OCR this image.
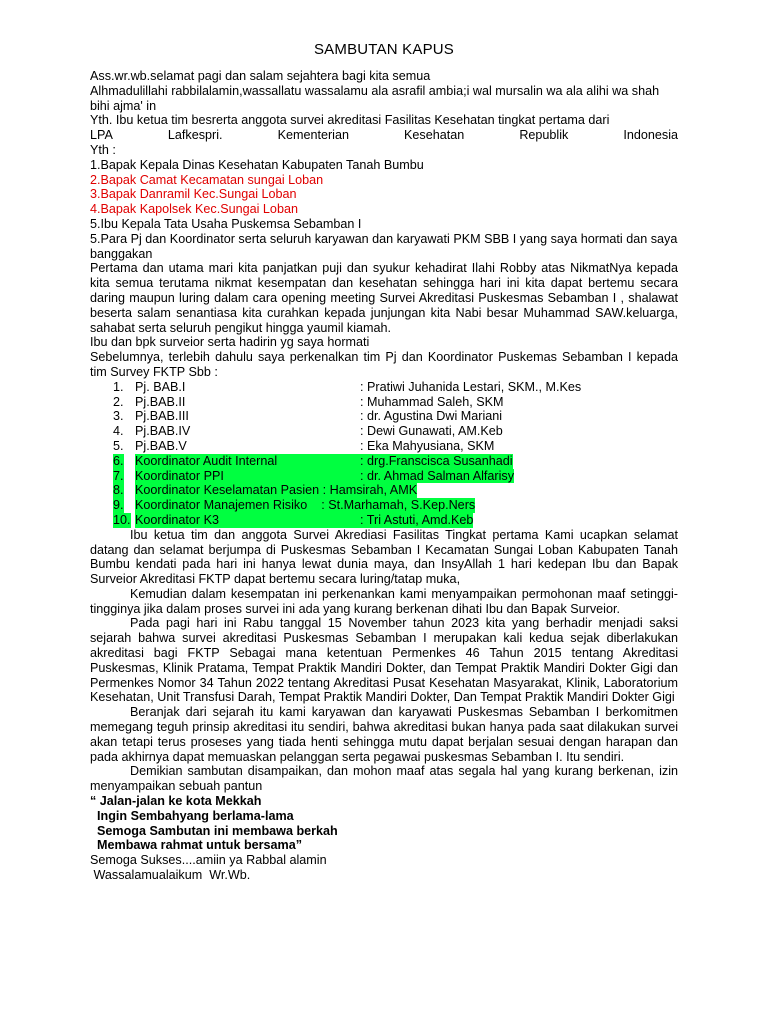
SAMBUTAN KAPUS

Ass.wr.wb.selamat pagi dan salam sejahtera bagi kita semua

Alhmadulillahi rabbilalamin,wassallatu wassalamu ala asrafil ambia;i wal mursalin wa ala alihi wa shah bihi ajma' in

Yth. Ibu ketua tim besrerta anggota survei akreditasi Fasilitas Kesehatan tingkat pertama dari

LPA	Lafkespri.	Kementerian	Kesehatan	Republik	Indonesia

Yth :

1.Bapak Kepala Dinas Kesehatan Kabupaten Tanah Bumbu

2.Bapak Camat Kecamatan sungai Loban

3.Bapak Danramil Kec.Sungai Loban

4.Bapak Kapolsek Kec.Sungai Loban

5.Ibu Kepala Tata Usaha Puskemsa Sebamban I

5.Para Pj dan Koordinator serta seluruh karyawan dan karyawati PKM SBB I yang saya hormati dan saya banggakan

Pertama dan utama mari kita panjatkan puji dan syukur kehadirat Ilahi Robby atas NikmatNya kepada kita semua terutama nikmat kesempatan dan kesehatan sehingga hari ini kita dapat bertemu secara daring maupun luring dalam cara opening meeting Survei Akreditasi Puskesmas Sebamban I , shalawat beserta salam senantiasa kita curahkan kepada junjungan kita Nabi besar Muhammad SAW.keluarga, sahabat serta seluruh pengikut hingga yaumil kiamah.

Ibu dan bpk surveior serta hadirin yg saya hormati

Sebelumnya, terlebih dahulu saya perkenalkan tim Pj dan Koordinator Puskemas Sebamban I kepada tim Survey FKTP Sbb :

1. Pj. BAB.I	: Pratiwi Juhanida Lestari, SKM., M.Kes
2. Pj.BAB.II	: Muhammad Saleh, SKM
3. Pj.BAB.III	: dr. Agustina Dwi Mariani
4. Pj.BAB.IV	: Dewi Gunawati, AM.Keb
5. Pj.BAB.V	: Eka Mahyusiana, SKM
6. Koordinator Audit Internal	: drg.Franscisca Susanhadi
7. Koordinator PPI	: dr. Ahmad Salman Alfarisy
8. Koordinator Keselamatan Pasien : Hamsirah, AMK
9. Koordinator Manajemen Risiko    : St.Marhamah, S.Kep.Ners
10. Koordinator K3	: Tri Astuti, Amd.Keb

Ibu ketua tim dan anggota Survei Akrediasi Fasilitas Tingkat pertama Kami ucapkan selamat datang dan selamat berjumpa di Puskesmas Sebamban I Kecamatan Sungai Loban Kabupaten Tanah Bumbu kendati pada hari ini hanya lewat dunia maya, dan InsyAllah 1 hari kedepan Ibu dan Bapak Surveior Akreditasi FKTP dapat bertemu secara luring/tatap muka,

Kemudian dalam kesempatan ini perkenankan kami menyampaikan permohonan maaf setinggi-tingginya jika dalam proses survei ini ada yang kurang berkenan dihati Ibu dan Bapak Surveior.

Pada pagi hari ini Rabu tanggal 15 November tahun 2023 kita yang berhadir menjadi saksi sejarah bahwa survei akreditasi Puskesmas Sebamban I merupakan kali kedua sejak diberlakukan akreditasi bagi FKTP Sebagai mana ketentuan Permenkes 46 Tahun 2015 tentang Akreditasi Puskesmas, Klinik Pratama, Tempat Praktik Mandiri Dokter, dan Tempat Praktik Mandiri Dokter Gigi dan Permenkes Nomor 34 Tahun 2022 tentang Akreditasi Pusat Kesehatan Masyarakat, Klinik, Laboratorium Kesehatan, Unit Transfusi Darah, Tempat Praktik Mandiri Dokter, Dan Tempat Praktik Mandiri Dokter Gigi

Beranjak dari sejarah itu kami karyawan dan karyawati Puskesmas Sebamban I berkomitmen memegang teguh prinsip akreditasi itu sendiri, bahwa akreditasi bukan hanya pada saat dilakukan survei akan tetapi terus proseses yang tiada henti sehingga mutu dapat berjalan sesuai dengan harapan dan pada akhirnya dapat memuaskan pelanggan serta pegawai puskesmas Sebamban I. Itu sendiri.

Demikian sambutan disampaikan, dan mohon maaf atas segala hal yang kurang berkenan, izin menyampaikan sebuah pantun

“ Jalan-jalan ke kota Mekkah

Ingin Sembahyang berlama-lama

Semoga Sambutan ini membawa berkah

Membawa rahmat untuk bersama”

Semoga Sukses....amiin ya Rabbal alamin

Wassalamualaikum  Wr.Wb.
